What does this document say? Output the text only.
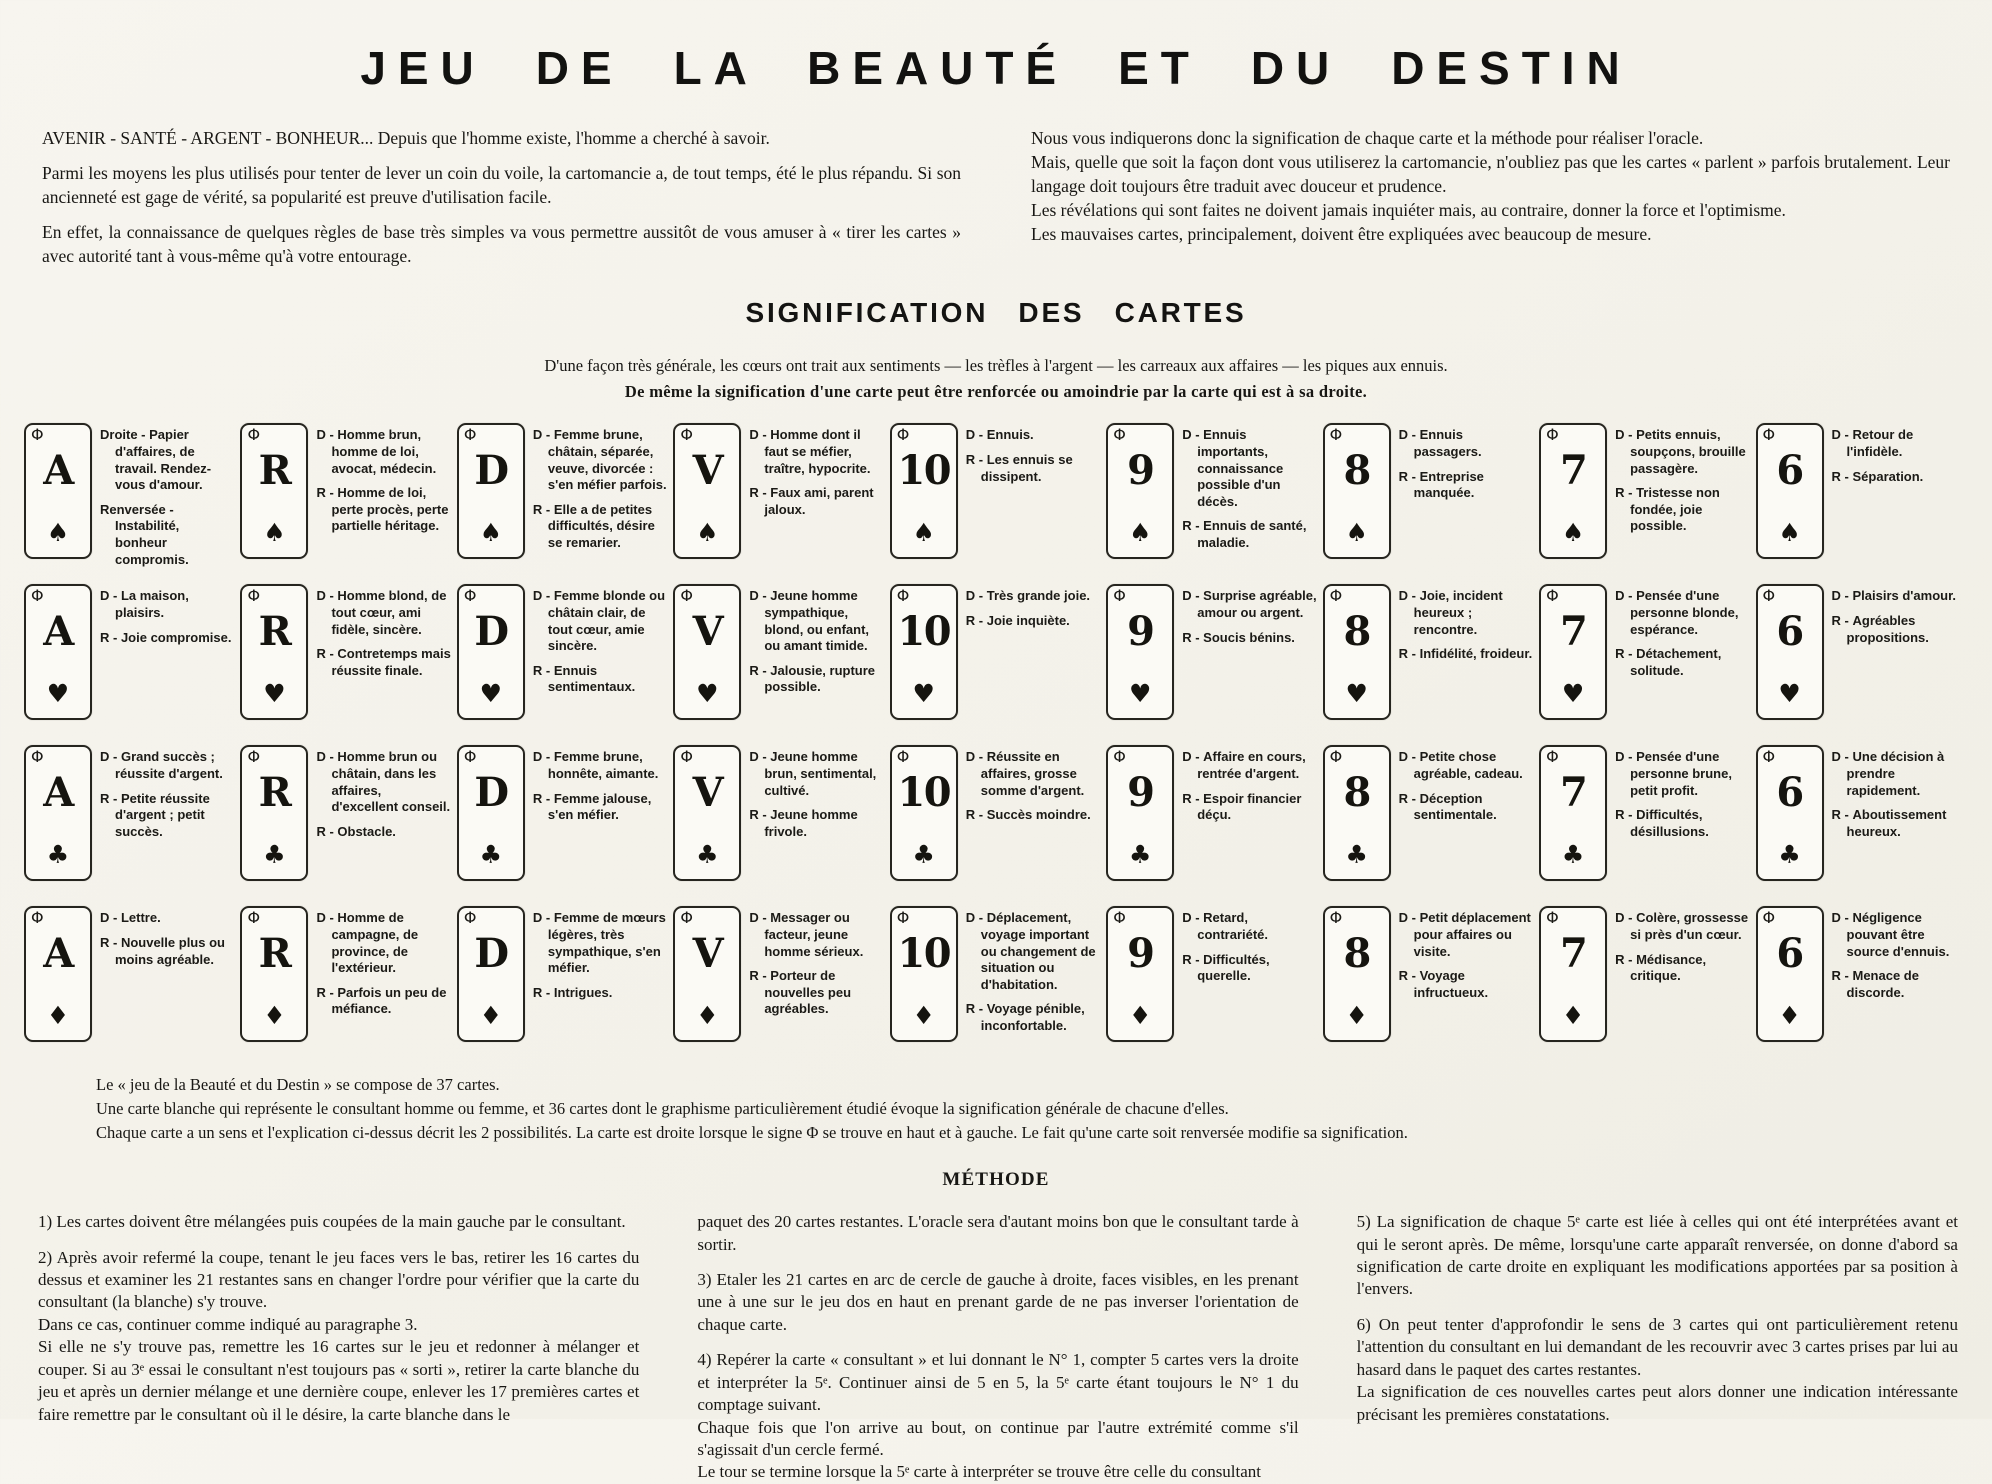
JEU DE LA BEAUTÉ ET DU DESTIN

AVENIR - SANTÉ - ARGENT - BONHEUR... Depuis que l'homme existe, l'homme a cherché à savoir.

Parmi les moyens les plus utilisés pour tenter de lever un coin du voile, la cartomancie a, de tout temps, été le plus répandu. Si son ancienneté est gage de vérité, sa popularité est preuve d'utilisation facile.

En effet, la connaissance de quelques règles de base très simples va vous permettre aussitôt de vous amuser à « tirer les cartes » avec autorité tant à vous-même qu'à votre entourage.

Nous vous indiquerons donc la signification de chaque carte et la méthode pour réaliser l'oracle.

Mais, quelle que soit la façon dont vous utiliserez la cartomancie, n'oubliez pas que les cartes « parlent » parfois brutalement. Leur langage doit toujours être traduit avec douceur et prudence.

Les révélations qui sont faites ne doivent jamais inquiéter mais, au contraire, donner la force et l'optimisme.

Les mauvaises cartes, principalement, doivent être expliquées avec beaucoup de mesure.

SIGNIFICATION DES CARTES

D'une façon très générale, les cœurs ont trait aux sentiments — les trèfles à l'argent — les carreaux aux affaires — les piques aux ennuis.

De même la signification d'une carte peut être renforcée ou amoindrie par la carte qui est à sa droite.

Φ
A
♠

Droite - Papier d'affaires, de travail. Rendez-vous d'amour.

Renversée - Instabilité, bonheur compromis.

Φ
R
♠

D - Homme brun, homme de loi, avocat, médecin.

R - Homme de loi, perte procès, perte partielle héritage.

Φ
D
♠

D - Femme brune, châtain, séparée, veuve, divorcée : s'en méfier parfois.

R - Elle a de petites difficultés, désire se remarier.

Φ
V
♠

D - Homme dont il faut se méfier, traître, hypocrite.

R - Faux ami, parent jaloux.

Φ
10
♠

D - Ennuis.

R - Les ennuis se dissipent.

Φ
9
♠

D - Ennuis importants, connaissance possible d'un décès.

R - Ennuis de santé, maladie.

Φ
8
♠

D - Ennuis passagers.

R - Entreprise manquée.

Φ
7
♠

D - Petits ennuis, soupçons, brouille passagère.

R - Tristesse non fondée, joie possible.

Φ
6
♠

D - Retour de l'infidèle.

R - Séparation.

Φ
A
♥

D - La maison, plaisirs.

R - Joie compromise.

Φ
R
♥

D - Homme blond, de tout cœur, ami fidèle, sincère.

R - Contretemps mais réussite finale.

Φ
D
♥

D - Femme blonde ou châtain clair, de tout cœur, amie sincère.

R - Ennuis sentimentaux.

Φ
V
♥

D - Jeune homme sympathique, blond, ou enfant, ou amant timide.

R - Jalousie, rupture possible.

Φ
10
♥

D - Très grande joie.

R - Joie inquiète.

Φ
9
♥

D - Surprise agréable, amour ou argent.

R - Soucis bénins.

Φ
8
♥

D - Joie, incident heureux ; rencontre.

R - Infidélité, froideur.

Φ
7
♥

D - Pensée d'une personne blonde, espérance.

R - Détachement, solitude.

Φ
6
♥

D - Plaisirs d'amour.

R - Agréables propositions.

Φ
A
♣

D - Grand succès ; réussite d'argent.

R - Petite réussite d'argent ; petit succès.

Φ
R
♣

D - Homme brun ou châtain, dans les affaires, d'excellent conseil.

R - Obstacle.

Φ
D
♣

D - Femme brune, honnête, aimante.

R - Femme jalouse, s'en méfier.

Φ
V
♣

D - Jeune homme brun, sentimental, cultivé.

R - Jeune homme frivole.

Φ
10
♣

D - Réussite en affaires, grosse somme d'argent.

R - Succès moindre.

Φ
9
♣

D - Affaire en cours, rentrée d'argent.

R - Espoir financier déçu.

Φ
8
♣

D - Petite chose agréable, cadeau.

R - Déception sentimentale.

Φ
7
♣

D - Pensée d'une personne brune, petit profit.

R - Difficultés, désillusions.

Φ
6
♣

D - Une décision à prendre rapidement.

R - Aboutissement heureux.

Φ
A
♦

D - Lettre.

R - Nouvelle plus ou moins agréable.

Φ
R
♦

D - Homme de campagne, de province, de l'extérieur.

R - Parfois un peu de méfiance.

Φ
D
♦

D - Femme de mœurs légères, très sympathique, s'en méfier.

R - Intrigues.

Φ
V
♦

D - Messager ou facteur, jeune homme sérieux.

R - Porteur de nouvelles peu agréables.

Φ
10
♦

D - Déplacement, voyage important ou changement de situation ou d'habitation.

R - Voyage pénible, inconfortable.

Φ
9
♦

D - Retard, contrariété.

R - Difficultés, querelle.

Φ
8
♦

D - Petit déplacement pour affaires ou visite.

R - Voyage infructueux.

Φ
7
♦

D - Colère, grossesse si près d'un cœur.

R - Médisance, critique.

Φ
6
♦

D - Négligence pouvant être source d'ennuis.

R - Menace de discorde.

Le « jeu de la Beauté et du Destin » se compose de 37 cartes.

Une carte blanche qui représente le consultant homme ou femme, et 36 cartes dont le graphisme particulièrement étudié évoque la signification générale de chacune d'elles.

Chaque carte a un sens et l'explication ci-dessus décrit les 2 possibilités. La carte est droite lorsque le signe Φ se trouve en haut et à gauche. Le fait qu'une carte soit renversée modifie sa signification.

MÉTHODE

1) Les cartes doivent être mélangées puis coupées de la main gauche par le consultant.

2) Après avoir refermé la coupe, tenant le jeu faces vers le bas, retirer les 16 cartes du dessus et examiner les 21 restantes sans en changer l'ordre pour vérifier que la carte du consultant (la blanche) s'y trouve.

Dans ce cas, continuer comme indiqué au paragraphe 3.

Si elle ne s'y trouve pas, remettre les 16 cartes sur le jeu et redonner à mélanger et couper. Si au 3ᵉ essai le consultant n'est toujours pas « sorti », retirer la carte blanche du jeu et après un dernier mélange et une dernière coupe, enlever les 17 premières cartes et faire remettre par le consultant où il le désire, la carte blanche dans le

paquet des 20 cartes restantes. L'oracle sera d'autant moins bon que le consultant tarde à sortir.

3) Etaler les 21 cartes en arc de cercle de gauche à droite, faces visibles, en les prenant une à une sur le jeu dos en haut en prenant garde de ne pas inverser l'orientation de chaque carte.

4) Repérer la carte « consultant » et lui donnant le N° 1, compter 5 cartes vers la droite et interpréter la 5ᵉ. Continuer ainsi de 5 en 5, la 5ᵉ carte étant toujours le N° 1 du comptage suivant.

Chaque fois que l'on arrive au bout, on continue par l'autre extrémité comme s'il s'agissait d'un cercle fermé.

Le tour se termine lorsque la 5ᵉ carte à interpréter se trouve être celle du consultant

5) La signification de chaque 5ᵉ carte est liée à celles qui ont été interprétées avant et qui le seront après. De même, lorsqu'une carte apparaît renversée, on donne d'abord sa signification de carte droite en expliquant les modifications apportées par sa position à l'envers.

6) On peut tenter d'approfondir le sens de 3 cartes qui ont particulièrement retenu l'attention du consultant en lui demandant de les recouvrir avec 3 cartes prises par lui au hasard dans le paquet des cartes restantes.

La signification de ces nouvelles cartes peut alors donner une indication intéressante précisant les premières constatations.
